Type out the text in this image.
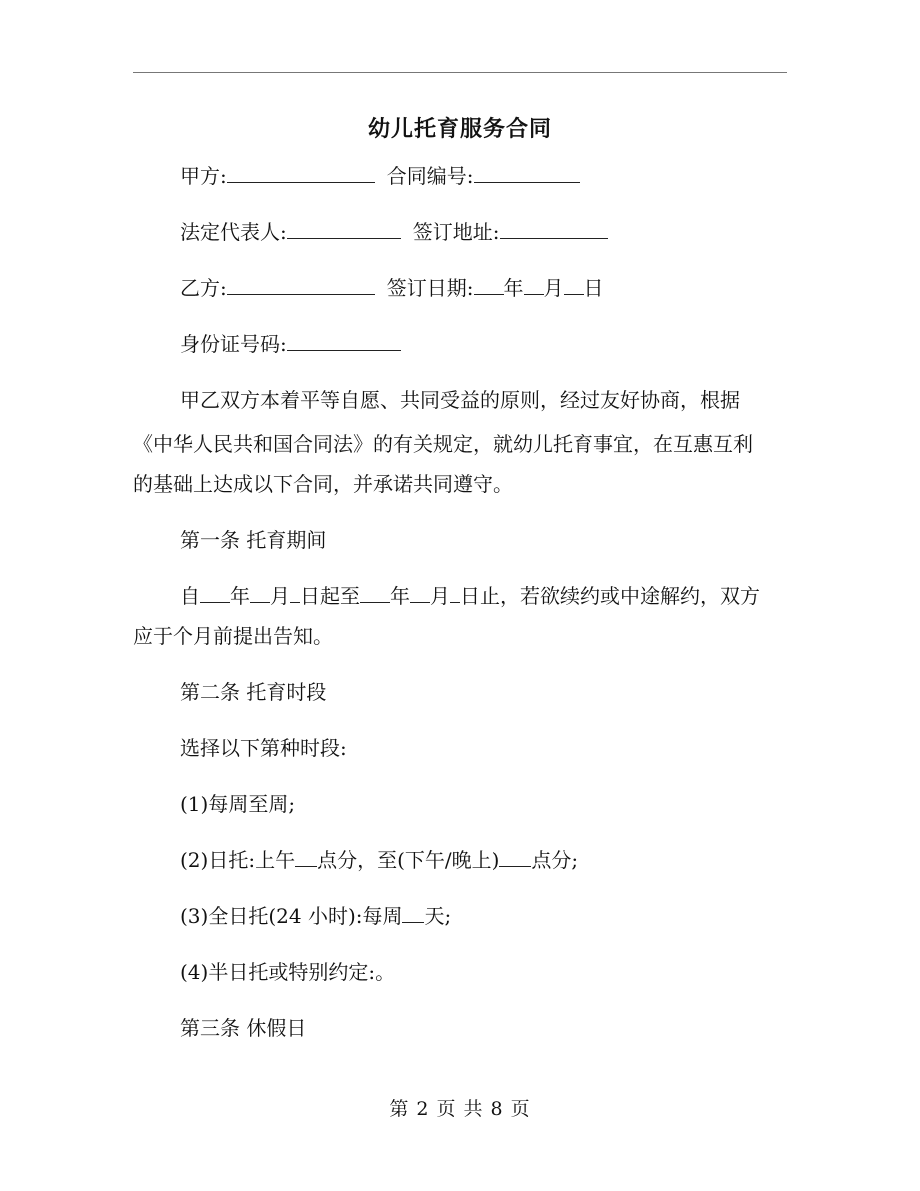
幼儿托育服务合同
甲方:	合同编号:
法定代表人:	签订地址:
乙方:	签订日期: 年 月 日
身份证号码:
甲乙双方本着平等自愿、共同受益的原则，经过友好协商，根据
《中华人民共和国合同法》的有关规定，就幼儿托育事宜，在互惠互利
的基础上达成以下合同，并承诺共同遵守。
第一条 托育期间
自 年 月 日起至 年 月 日止，若欲续约或中途解约，双方
应于个月前提出告知。
第二条 托育时段
选择以下第种时段:
(1)每周至周;
(2)日托:上午 点分，至(下午/晚上) 点分;
(3)全日托(24 小时):每周 天;
(4)半日托或特别约定:。
第三条 休假日
第 2 页 共 8 页
